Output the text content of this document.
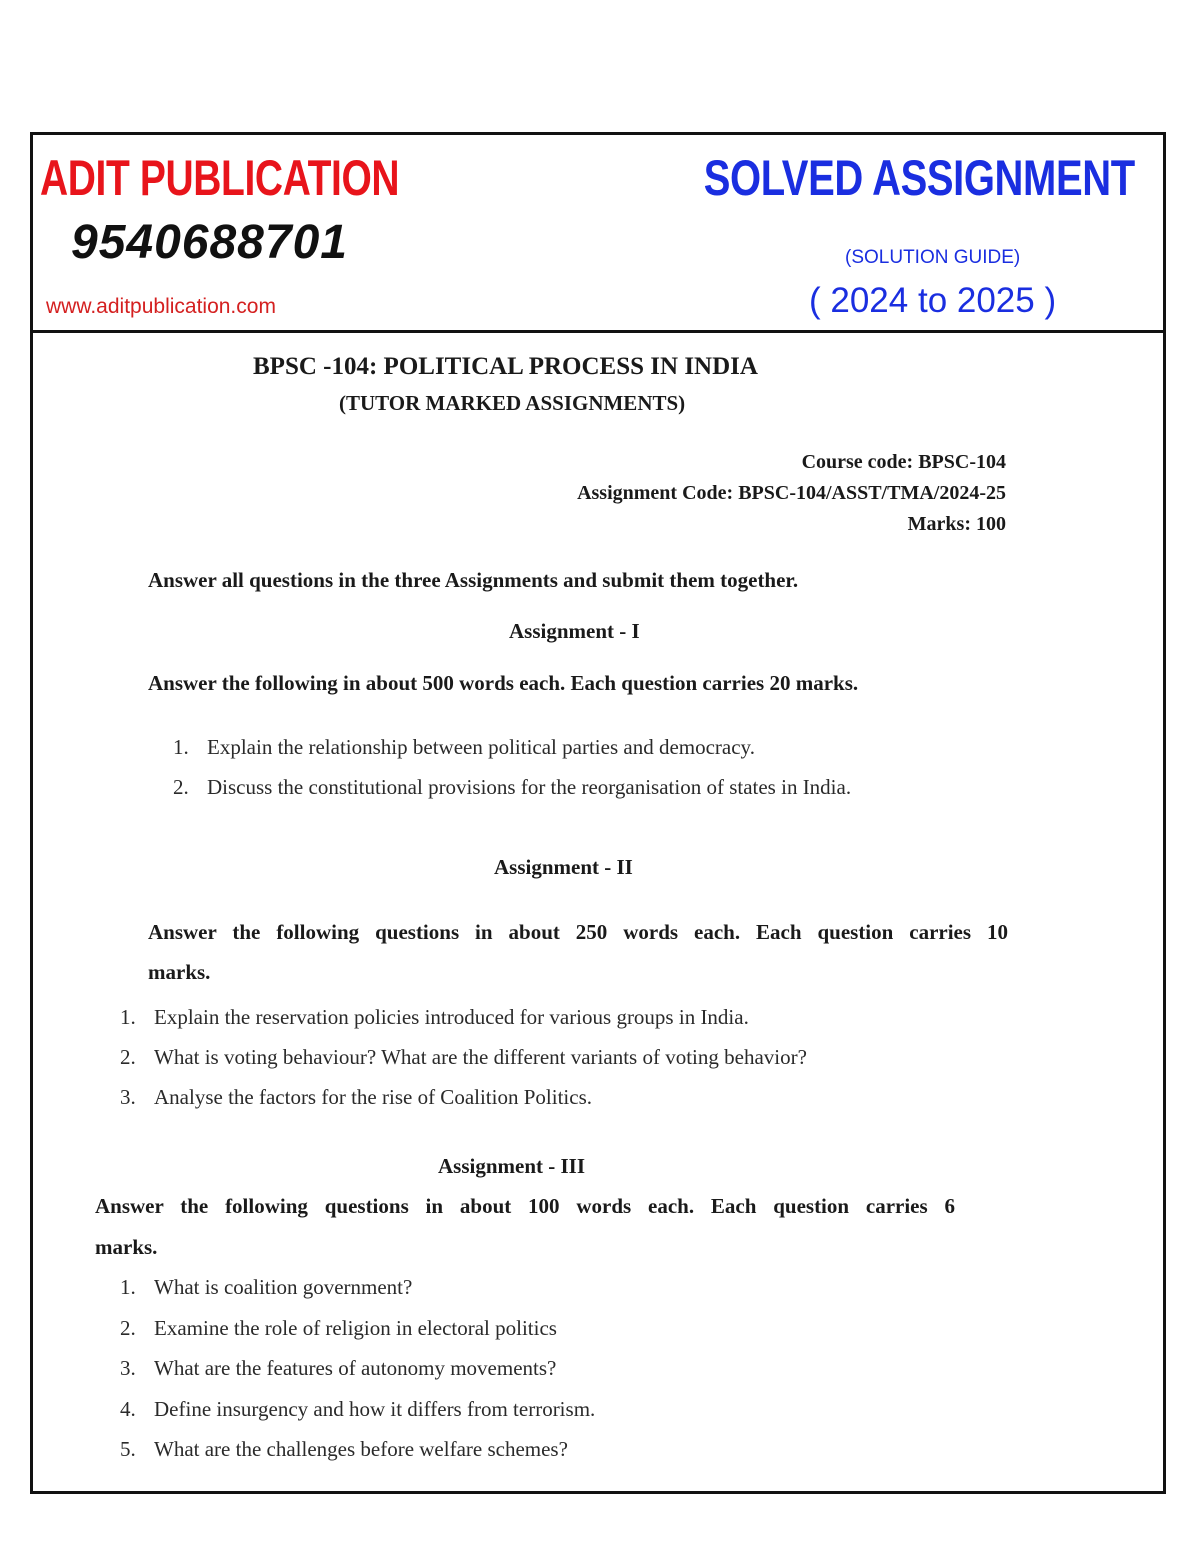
ADIT PUBLICATION
9540688701
www.aditpublication.com
SOLVED ASSIGNMENT
(SOLUTION GUIDE)
( 2024 to 2025 )
BPSC -104: POLITICAL PROCESS IN INDIA
(TUTOR MARKED ASSIGNMENTS)
Course code: BPSC-104
Assignment Code: BPSC-104/ASST/TMA/2024-25
Marks: 100
Answer all questions in the three Assignments and submit them together.
Assignment - I
Answer the following in about 500 words each. Each question carries 20 marks.
1. Explain the relationship between political parties and democracy.
2. Discuss the constitutional provisions for the reorganisation of states in India.
Assignment - II
Answer the following questions in about 250 words each. Each question carries 10
marks.
1. Explain the reservation policies introduced for various groups in India.
2. What is voting behaviour? What are the different variants of voting behavior?
3. Analyse the factors for the rise of Coalition Politics.
Assignment - III
Answer the following questions in about 100 words each. Each question carries 6
marks.
1. What is coalition government?
2. Examine the role of religion in electoral politics
3. What are the features of autonomy movements?
4. Define insurgency and how it differs from terrorism.
5. What are the challenges before welfare schemes?
